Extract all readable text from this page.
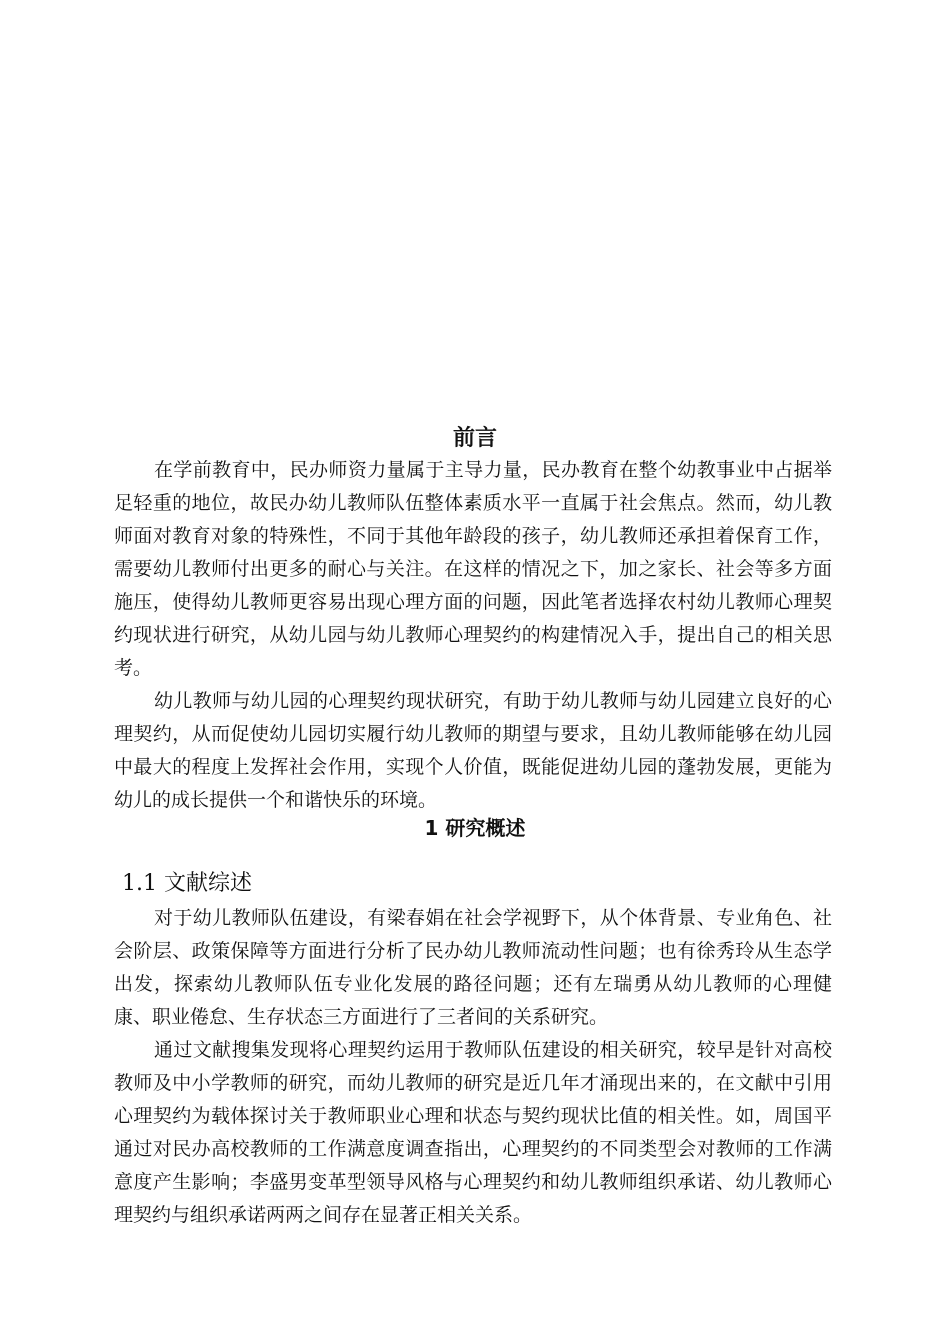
前言
在学前教育中，民办师资力量属于主导力量，民办教育在整个幼教事业中占据举
足轻重的地位，故民办幼儿教师队伍整体素质水平一直属于社会焦点。然而，幼儿教
师面对教育对象的特殊性，不同于其他年龄段的孩子，幼儿教师还承担着保育工作，
需要幼儿教师付出更多的耐心与关注。在这样的情况之下，加之家长、社会等多方面
施压，使得幼儿教师更容易出现心理方面的问题，因此笔者选择农村幼儿教师心理契
约现状进行研究，从幼儿园与幼儿教师心理契约的构建情况入手，提出自己的相关思
考。
幼儿教师与幼儿园的心理契约现状研究，有助于幼儿教师与幼儿园建立良好的心
理契约，从而促使幼儿园切实履行幼儿教师的期望与要求，且幼儿教师能够在幼儿园
中最大的程度上发挥社会作用，实现个人价值，既能促进幼儿园的蓬勃发展，更能为
幼儿的成长提供一个和谐快乐的环境。
1 研究概述
1.1 文献综述
对于幼儿教师队伍建设，有梁春娟在社会学视野下，从个体背景、专业角色、社
会阶层、政策保障等方面进行分析了民办幼儿教师流动性问题；也有徐秀玲从生态学
出发，探索幼儿教师队伍专业化发展的路径问题；还有左瑞勇从幼儿教师的心理健
康、职业倦怠、生存状态三方面进行了三者间的关系研究。
通过文献搜集发现将心理契约运用于教师队伍建设的相关研究，较早是针对高校
教师及中小学教师的研究，而幼儿教师的研究是近几年才涌现出来的，在文献中引用
心理契约为载体探讨关于教师职业心理和状态与契约现状比值的相关性。如，周国平
通过对民办高校教师的工作满意度调查指出，心理契约的不同类型会对教师的工作满
意度产生影响；李盛男变革型领导风格与心理契约和幼儿教师组织承诺、幼儿教师心
理契约与组织承诺两两之间存在显著正相关关系。
